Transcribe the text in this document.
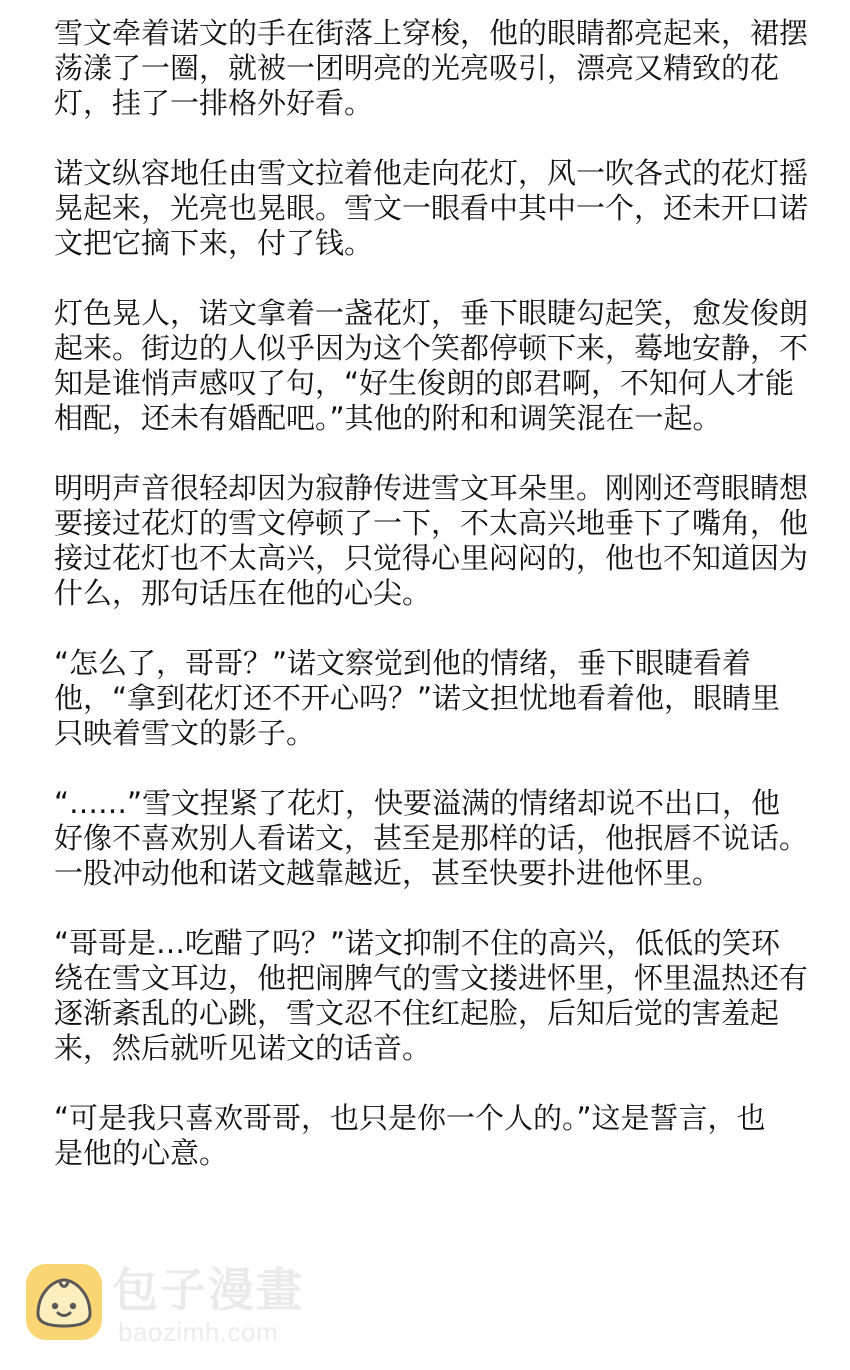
雪文牵着诺文的手在街落上穿梭，他的眼睛都亮起来，裙摆
荡漾了一圈，就被一团明亮的光亮吸引，漂亮又精致的花
灯，挂了一排格外好看。

诺文纵容地任由雪文拉着他走向花灯，风一吹各式的花灯摇
晃起来，光亮也晃眼。雪文一眼看中其中一个，还未开口诺
文把它摘下来，付了钱。

灯色晃人，诺文拿着一盏花灯，垂下眼睫勾起笑，愈发俊朗
起来。街边的人似乎因为这个笑都停顿下来，蓦地安静，不
知是谁悄声感叹了句，“好生俊朗的郎君啊，不知何人才能
相配，还未有婚配吧。”其他的附和和调笑混在一起。

明明声音很轻却因为寂静传进雪文耳朵里。刚刚还弯眼睛想
要接过花灯的雪文停顿了一下，不太高兴地垂下了嘴角，他
接过花灯也不太高兴，只觉得心里闷闷的，他也不知道因为
什么，那句话压在他的心尖。

“怎么了，哥哥？”诺文察觉到他的情绪，垂下眼睫看着
他，“拿到花灯还不开心吗？”诺文担忧地看着他，眼睛里
只映着雪文的影子。

“……”雪文捏紧了花灯，快要溢满的情绪却说不出口，他
好像不喜欢别人看诺文，甚至是那样的话，他抿唇不说话。
一股冲动他和诺文越靠越近，甚至快要扑进他怀里。

“哥哥是…吃醋了吗？”诺文抑制不住的高兴，低低的笑环
绕在雪文耳边，他把闹脾气的雪文搂进怀里，怀里温热还有
逐渐紊乱的心跳，雪文忍不住红起脸，后知后觉的害羞起
来，然后就听见诺文的话音。

“可是我只喜欢哥哥，也只是你一个人的。”这是誓言，也
是他的心意。

包子漫畫
baozimh.com
